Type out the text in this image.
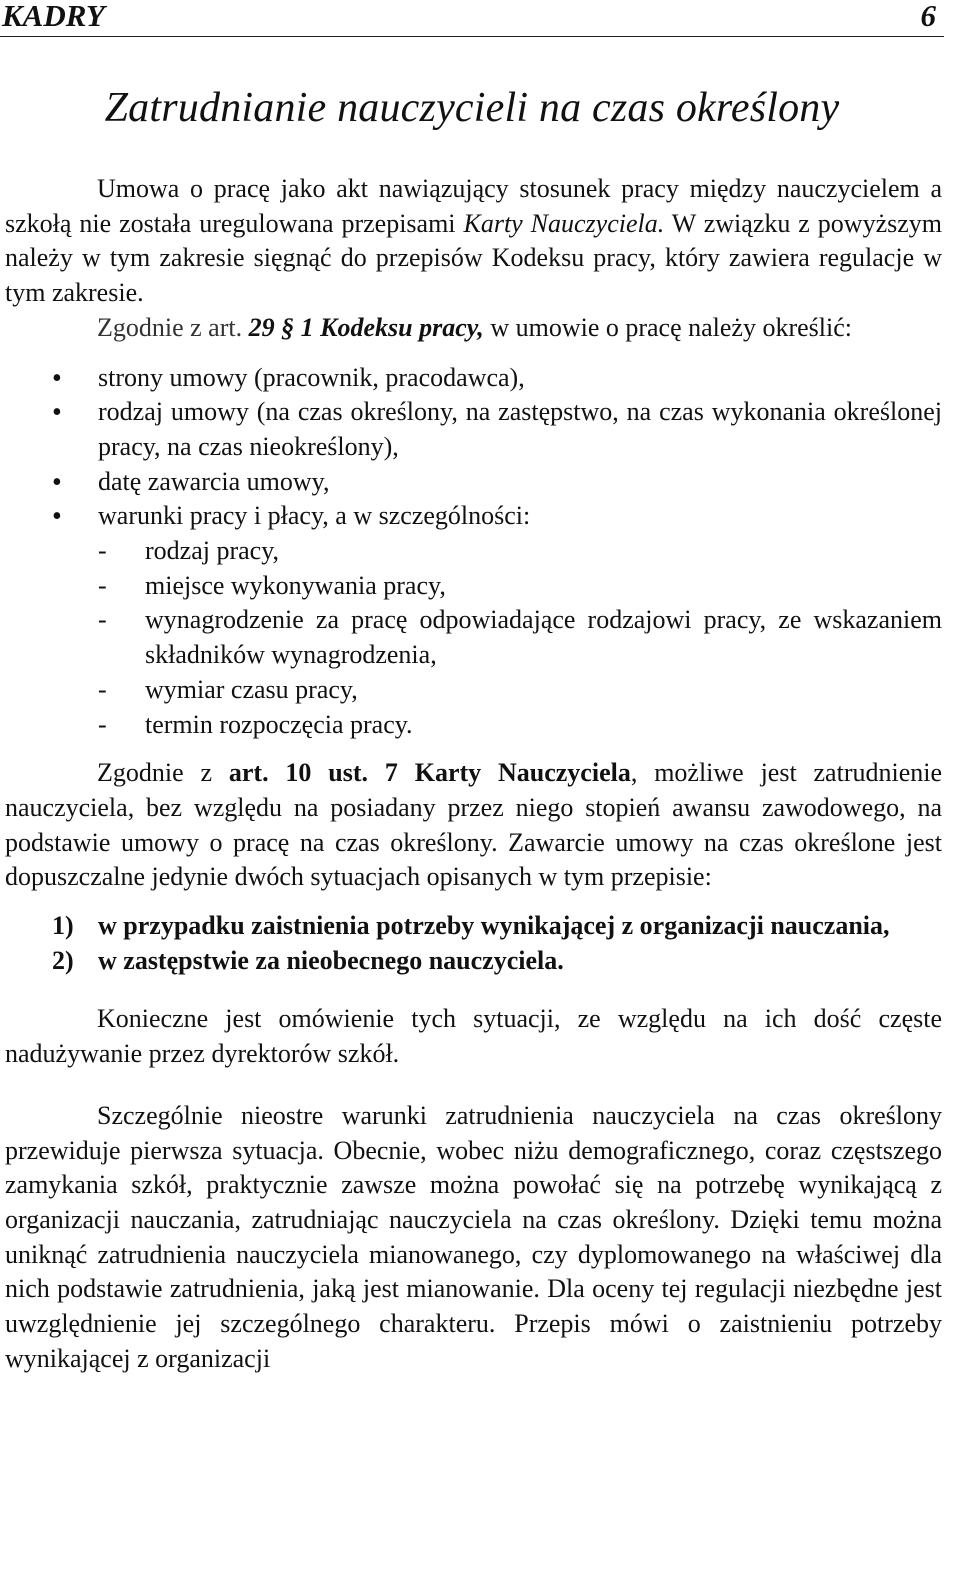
KADRY	6
Zatrudnianie nauczycieli na czas określony

Umowa o pracę jako akt nawiązujący stosunek pracy między nauczycielem a szkołą nie została uregulowana przepisami Karty Nauczyciela. W związku z powyższym należy w tym zakresie sięgnąć do przepisów Kodeksu pracy, który zawiera regulacje w tym zakresie.

Zgodnie z art. 29 § 1 Kodeksu pracy, w umowie o pracę należy określić:

• strony umowy (pracownik, pracodawca),
• rodzaj umowy (na czas określony, na zastępstwo, na czas wykonania określonej pracy, na czas nieokreślony),
• datę zawarcia umowy,
• warunki pracy i płacy, a w szczególności:
- rodzaj pracy,
- miejsce wykonywania pracy,
- wynagrodzenie za pracę odpowiadające rodzajowi pracy, ze wskazaniem składników wynagrodzenia,
- wymiar czasu pracy,
- termin rozpoczęcia pracy.

Zgodnie z art. 10 ust. 7 Karty Nauczyciela, możliwe jest zatrudnienie nauczyciela, bez względu na posiadany przez niego stopień awansu zawodowego, na podstawie umowy o pracę na czas określony. Zawarcie umowy na czas określone jest dopuszczalne jedynie dwóch sytuacjach opisanych w tym przepisie:

1) w przypadku zaistnienia potrzeby wynikającej z organizacji nauczania,
2) w zastępstwie za nieobecnego nauczyciela.

Konieczne jest omówienie tych sytuacji, ze względu na ich dość częste nadużywanie przez dyrektorów szkół.

Szczególnie nieostre warunki zatrudnienia nauczyciela na czas określony przewiduje pierwsza sytuacja. Obecnie, wobec niżu demograficznego, coraz częstszego zamykania szkół, praktycznie zawsze można powołać się na potrzebę wynikającą z organizacji nauczania, zatrudniając nauczyciela na czas określony. Dzięki temu można uniknąć zatrudnienia nauczyciela mianowanego, czy dyplomowanego na właściwej dla nich podstawie zatrudnienia, jaką jest mianowanie. Dla oceny tej regulacji niezbędne jest uwzględnienie jej szczególnego charakteru. Przepis mówi o zaistnieniu potrzeby wynikającej z organizacji
